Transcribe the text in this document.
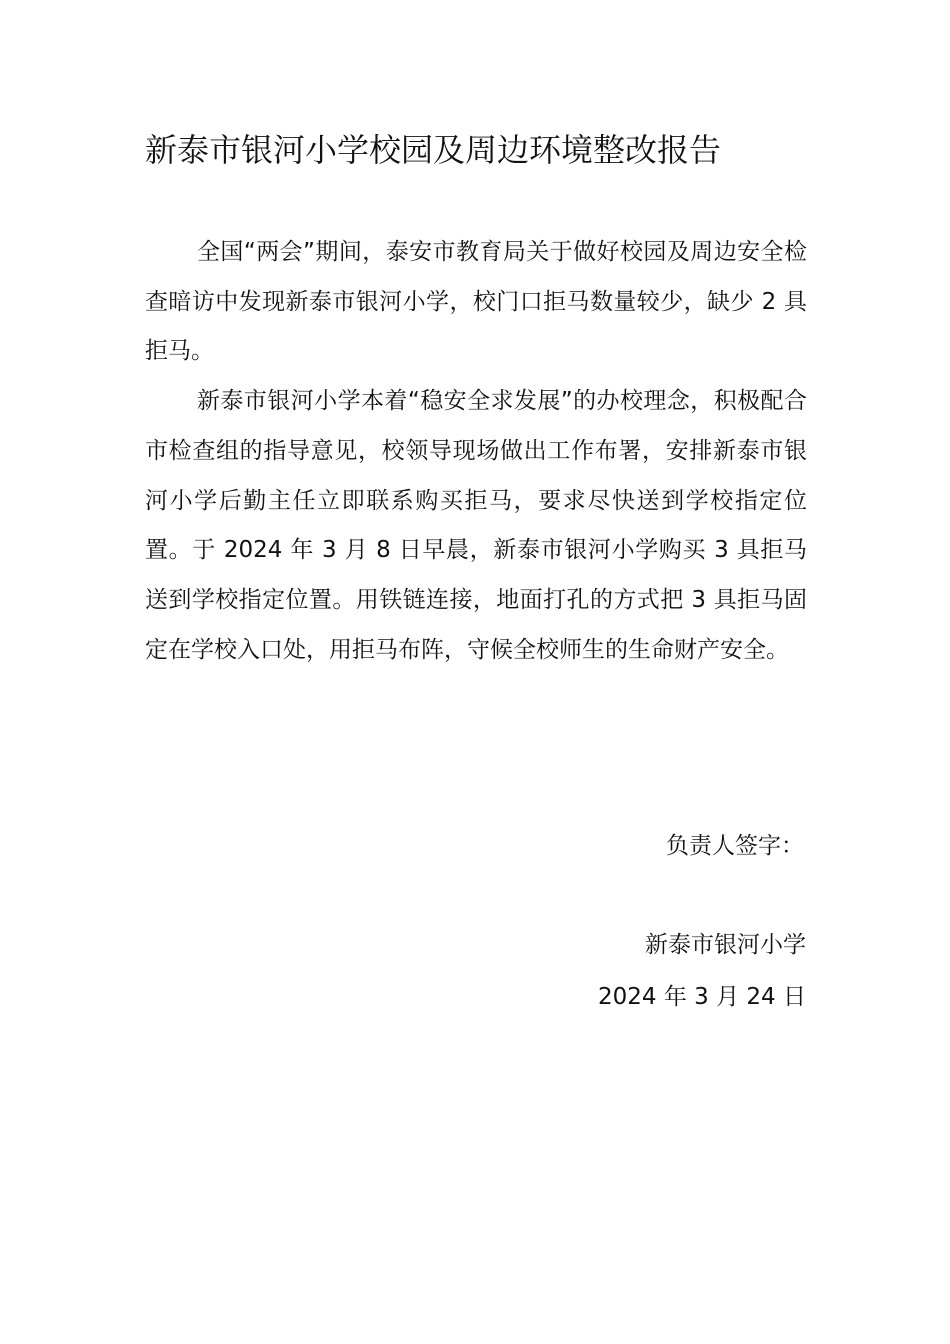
新泰市银河小学校园及周边环境整改报告

全国“两会”期间，泰安市教育局关于做好校园及周边安全检查暗访中发现新泰市银河小学，校门口拒马数量较少，缺少 2 具拒马。

新泰市银河小学本着“稳安全求发展”的办校理念，积极配合市检查组的指导意见，校领导现场做出工作布署，安排新泰市银河小学后勤主任立即联系购买拒马，要求尽快送到学校指定位置。于 2024 年 3 月 8 日早晨，新泰市银河小学购买 3 具拒马送到学校指定位置。用铁链连接，地面打孔的方式把 3 具拒马固定在学校入口处，用拒马布阵，守候全校师生的生命财产安全。

负责人签字：
新泰市银河小学
2024 年 3 月 24 日
